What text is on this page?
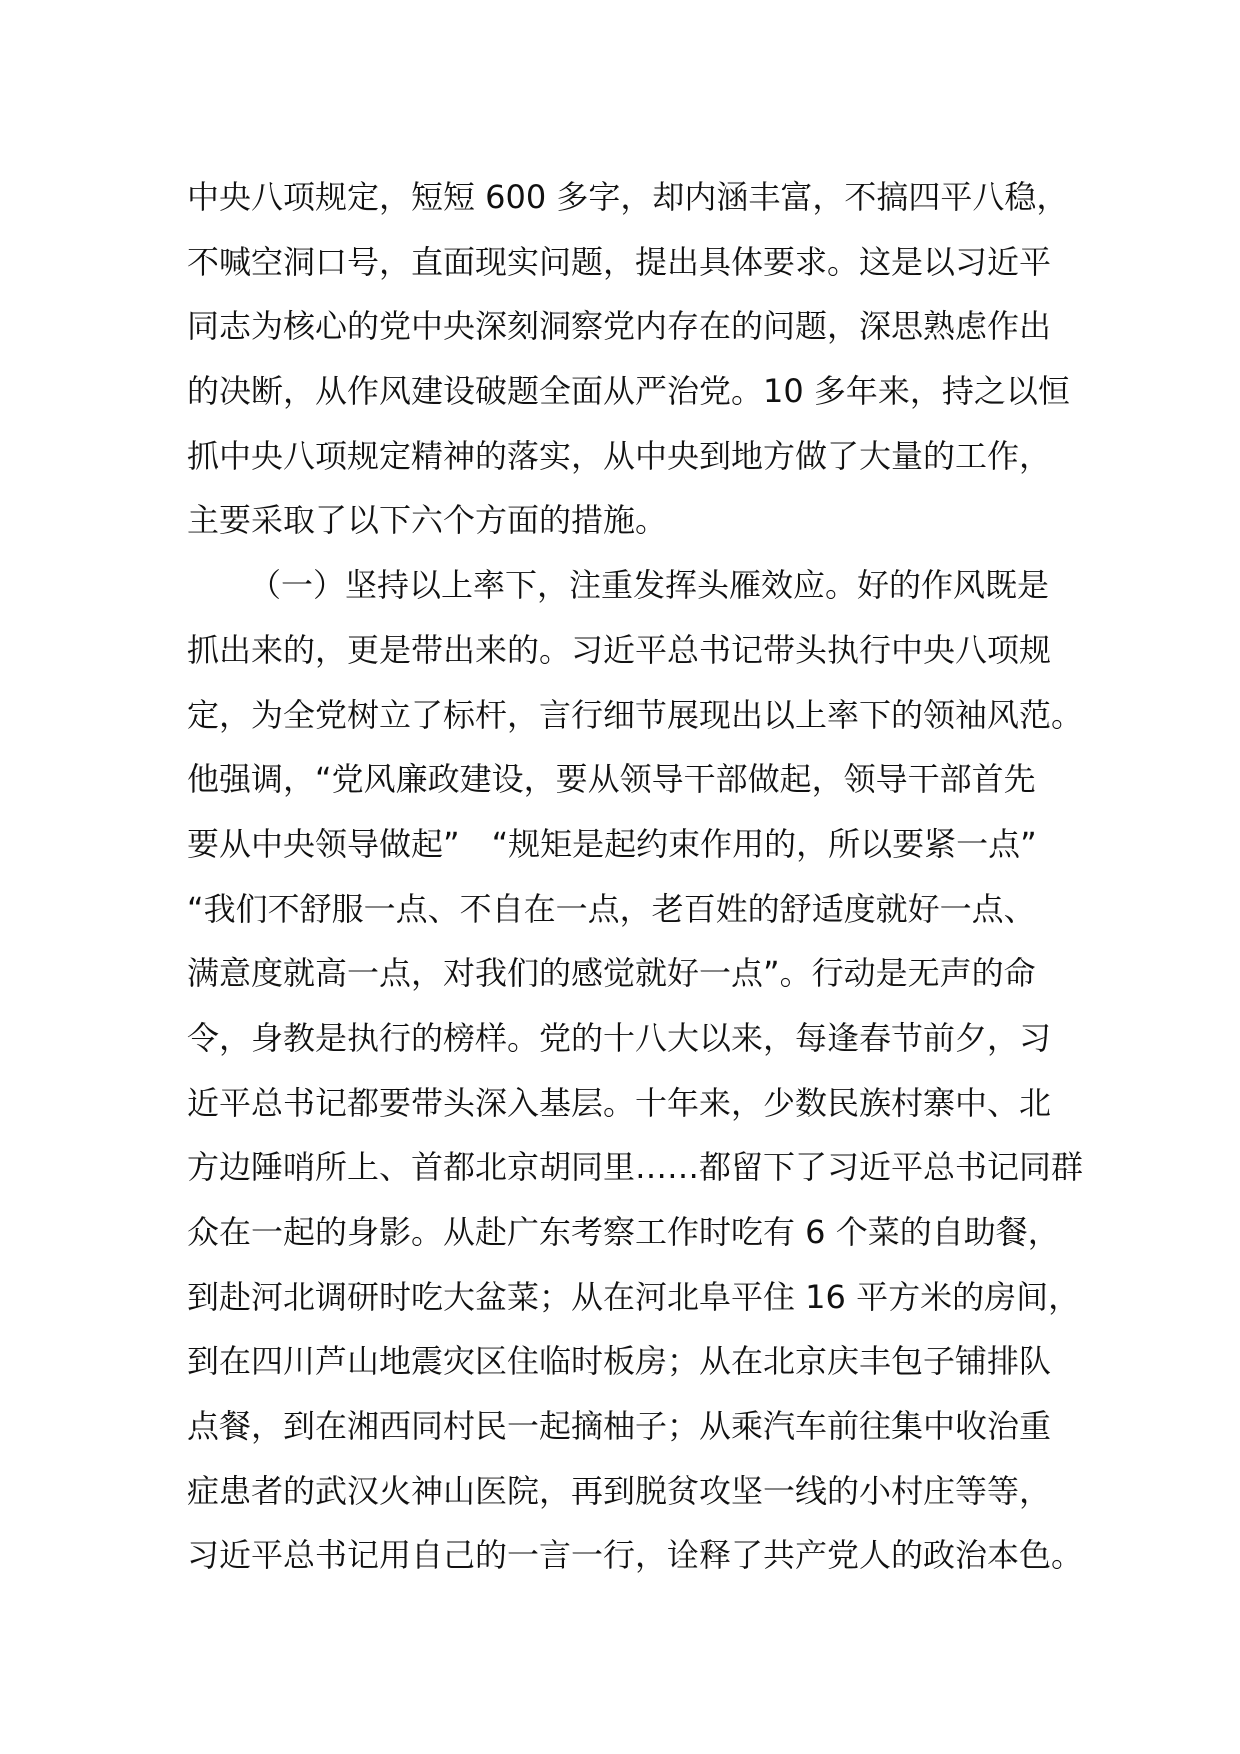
中央八项规定，短短 600 多字，却内涵丰富，不搞四平八稳，
不喊空洞口号，直面现实问题，提出具体要求。这是以习近平
同志为核心的党中央深刻洞察党内存在的问题，深思熟虑作出
的决断，从作风建设破题全面从严治党。10 多年来，持之以恒
抓中央八项规定精神的落实，从中央到地方做了大量的工作，
主要采取了以下六个方面的措施。
（一）坚持以上率下，注重发挥头雁效应。好的作风既是
抓出来的，更是带出来的。习近平总书记带头执行中央八项规
定，为全党树立了标杆，言行细节展现出以上率下的领袖风范。
他强调，“党风廉政建设，要从领导干部做起，领导干部首先
要从中央领导做起”　“规矩是起约束作用的，所以要紧一点”
“我们不舒服一点、不自在一点，老百姓的舒适度就好一点、
满意度就高一点，对我们的感觉就好一点”。行动是无声的命
令，身教是执行的榜样。党的十八大以来，每逢春节前夕，习
近平总书记都要带头深入基层。十年来，少数民族村寨中、北
方边陲哨所上、首都北京胡同里……都留下了习近平总书记同群
众在一起的身影。从赴广东考察工作时吃有 6 个菜的自助餐，
到赴河北调研时吃大盆菜；从在河北阜平住 16 平方米的房间，
到在四川芦山地震灾区住临时板房；从在北京庆丰包子铺排队
点餐，到在湘西同村民一起摘柚子；从乘汽车前往集中收治重
症患者的武汉火神山医院，再到脱贫攻坚一线的小村庄等等，
习近平总书记用自己的一言一行，诠释了共产党人的政治本色。
